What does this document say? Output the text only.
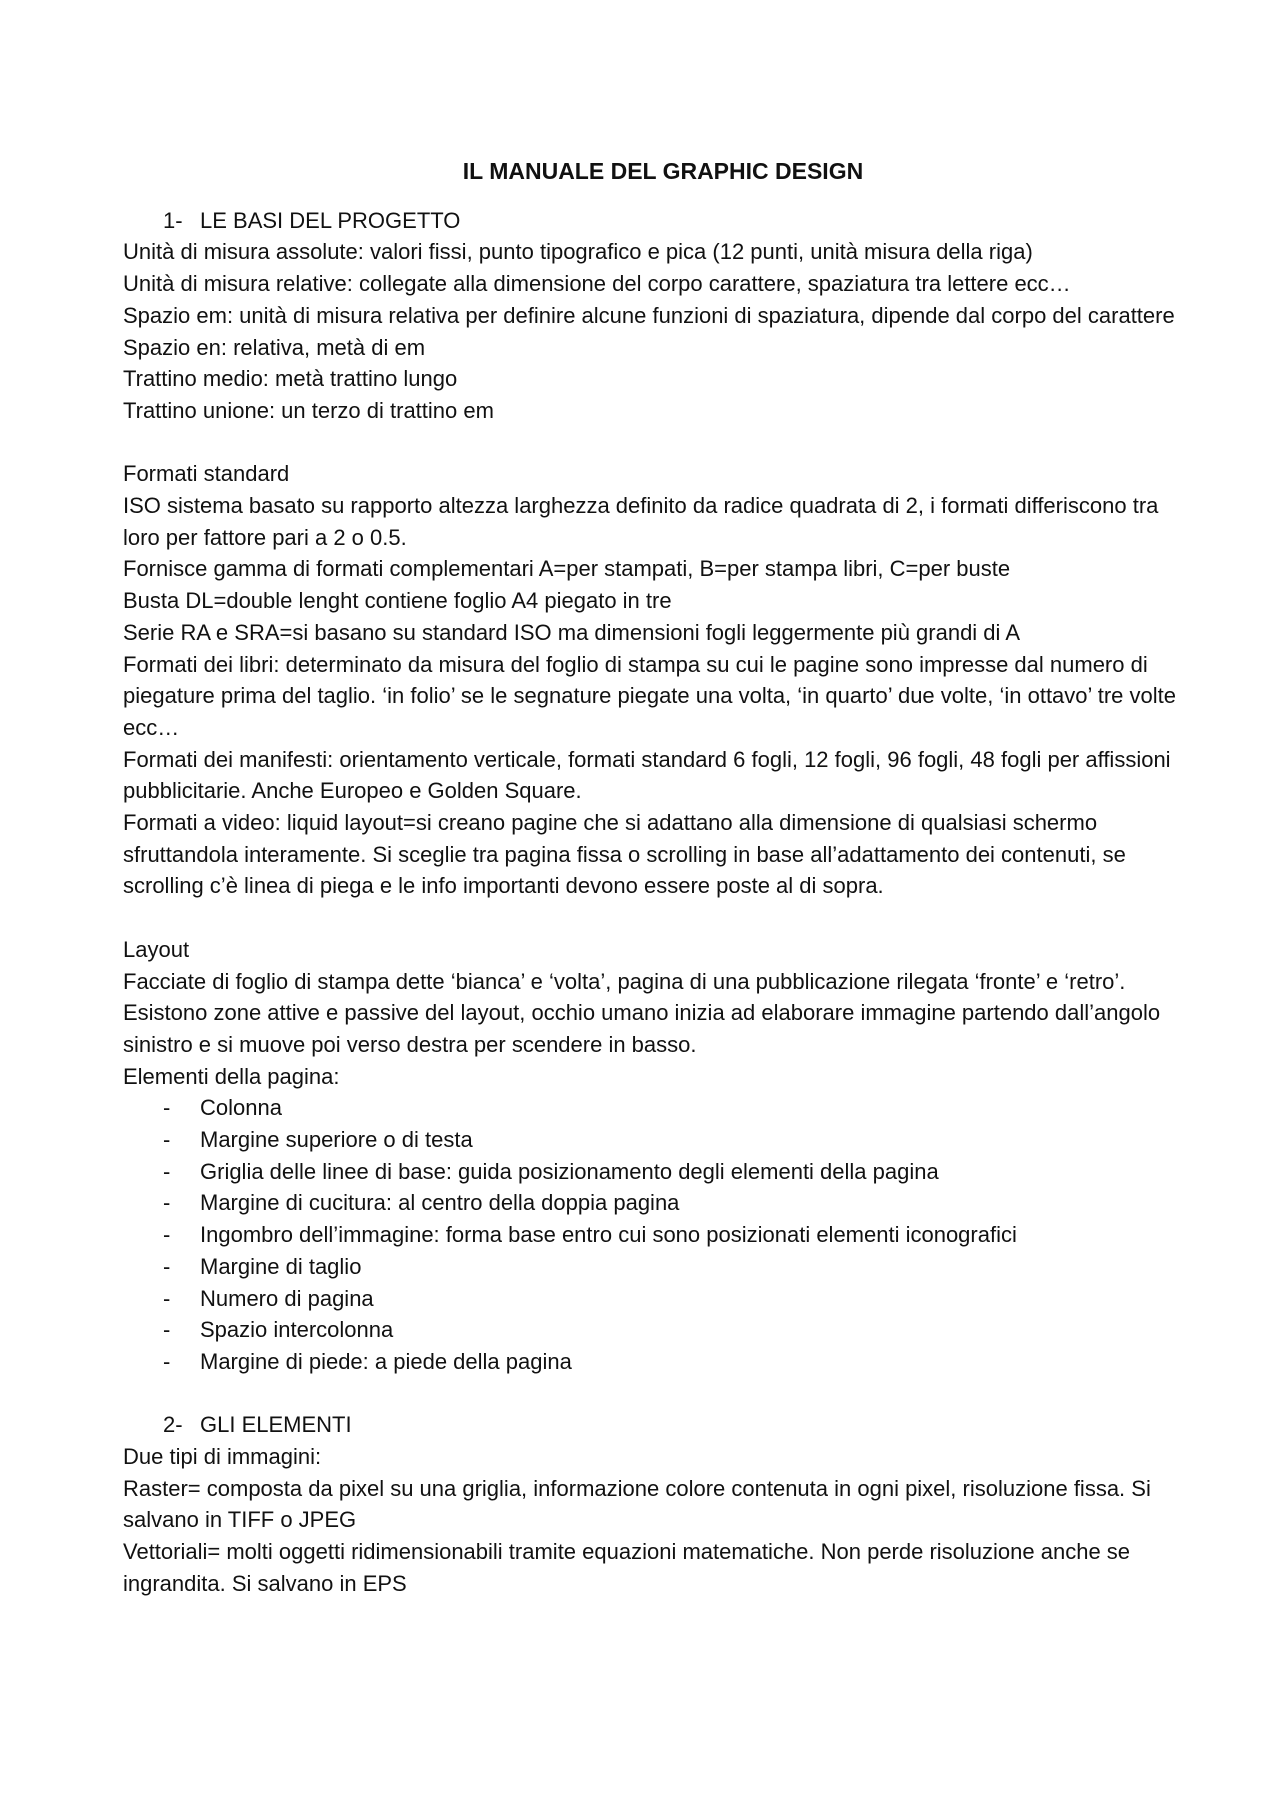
IL MANUALE DEL GRAPHIC DESIGN

1- LE BASI DEL PROGETTO

Unità di misura assolute: valori fissi, punto tipografico e pica (12 punti, unità misura della riga)

Unità di misura relative: collegate alla dimensione del corpo carattere, spaziatura tra lettere ecc…

Spazio em: unità di misura relativa per definire alcune funzioni di spaziatura, dipende dal corpo del carattere

Spazio en: relativa, metà di em

Trattino medio: metà trattino lungo

Trattino unione: un terzo di trattino em

Formati standard

ISO sistema basato su rapporto altezza larghezza definito da radice quadrata di 2, i formati differiscono tra loro per fattore pari a 2 o 0.5.

Fornisce gamma di formati complementari A=per stampati, B=per stampa libri, C=per buste

Busta DL=double lenght contiene foglio A4 piegato in tre

Serie RA e SRA=si basano su standard ISO ma dimensioni fogli leggermente più grandi di A

Formati dei libri: determinato da misura del foglio di stampa su cui le pagine sono impresse dal numero di piegature prima del taglio. ‘in folio’ se le segnature piegate una volta, ‘in quarto’ due volte, ‘in ottavo’ tre volte ecc…

Formati dei manifesti: orientamento verticale, formati standard 6 fogli, 12 fogli, 96 fogli, 48 fogli per affissioni pubblicitarie. Anche Europeo e Golden Square.

Formati a video: liquid layout=si creano pagine che si adattano alla dimensione di qualsiasi schermo sfruttandola interamente. Si sceglie tra pagina fissa o scrolling in base all’adattamento dei contenuti, se scrolling c’è linea di piega e le info importanti devono essere poste al di sopra.

Layout

Facciate di foglio di stampa dette ‘bianca’ e ‘volta’, pagina di una pubblicazione rilegata ‘fronte’ e ‘retro’. Esistono zone attive e passive del layout, occhio umano inizia ad elaborare immagine partendo dall’angolo sinistro e si muove poi verso destra per scendere in basso.

Elementi della pagina:

- Colonna
- Margine superiore o di testa
- Griglia delle linee di base: guida posizionamento degli elementi della pagina
- Margine di cucitura: al centro della doppia pagina
- Ingombro dell’immagine: forma base entro cui sono posizionati elementi iconografici
- Margine di taglio
- Numero di pagina
- Spazio intercolonna
- Margine di piede: a piede della pagina

2- GLI ELEMENTI

Due tipi di immagini:

Raster= composta da pixel su una griglia, informazione colore contenuta in ogni pixel, risoluzione fissa. Si salvano in TIFF o JPEG

Vettoriali= molti oggetti ridimensionabili tramite equazioni matematiche. Non perde risoluzione anche se ingrandita. Si salvano in EPS
